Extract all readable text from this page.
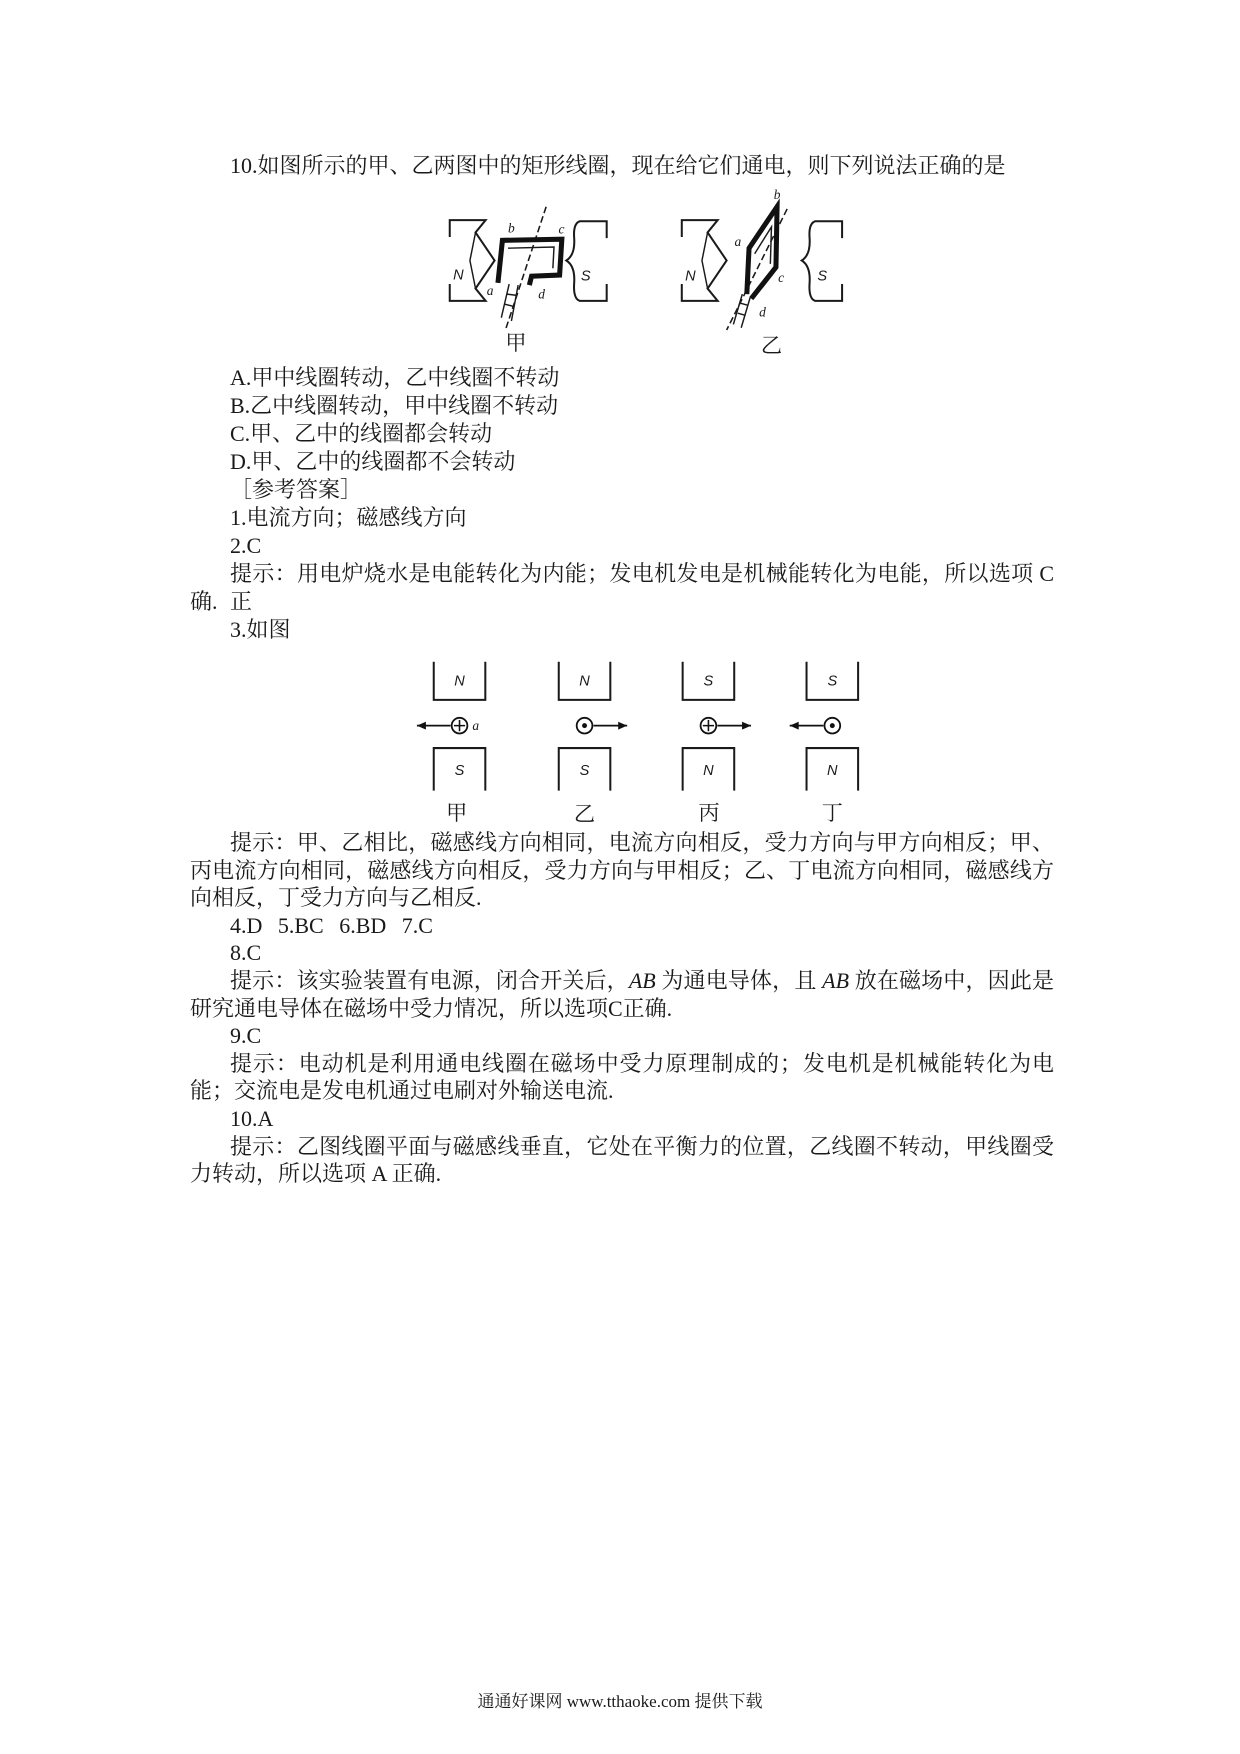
10.如图所示的甲、乙两图中的矩形线圈，现在给它们通电，则下列说法正确的是
N	S
b	c
a	d
甲
N	S
b
a
c
d
乙
A.甲中线圈转动，乙中线圈不转动
B.乙中线圈转动，甲中线圈不转动
C.甲、乙中的线圈都会转动
D.甲、乙中的线圈都不会转动
［参考答案］
1.电流方向；磁感线方向
2.C
提示：用电炉烧水是电能转化为内能；发电机发电是机械能转化为电能，所以选项 C 正
确.
3.如图
N
S
a
甲
N
S
乙
S
N
丙
S
N
丁
提示：甲、乙相比，磁感线方向相同，电流方向相反，受力方向与甲方向相反；甲、
丙电流方向相同，磁感线方向相反，受力方向与甲相反；乙、丁电流方向相同，磁感线方
向相反，丁受力方向与乙相反.
4.D 5.BC 6.BD 7.C
8.C
提示：该实验装置有电源，闭合开关后，AB 为通电导体，且 AB 放在磁场中，因此是
研究通电导体在磁场中受力情况，所以选项C正确.
9.C
提示：电动机是利用通电线圈在磁场中受力原理制成的；发电机是机械能转化为电
能；交流电是发电机通过电刷对外输送电流.
10.A
提示：乙图线圈平面与磁感线垂直，它处在平衡力的位置，乙线圈不转动，甲线圈受
力转动，所以选项 A 正确.
通通好课网 www.tthaoke.com 提供下载
